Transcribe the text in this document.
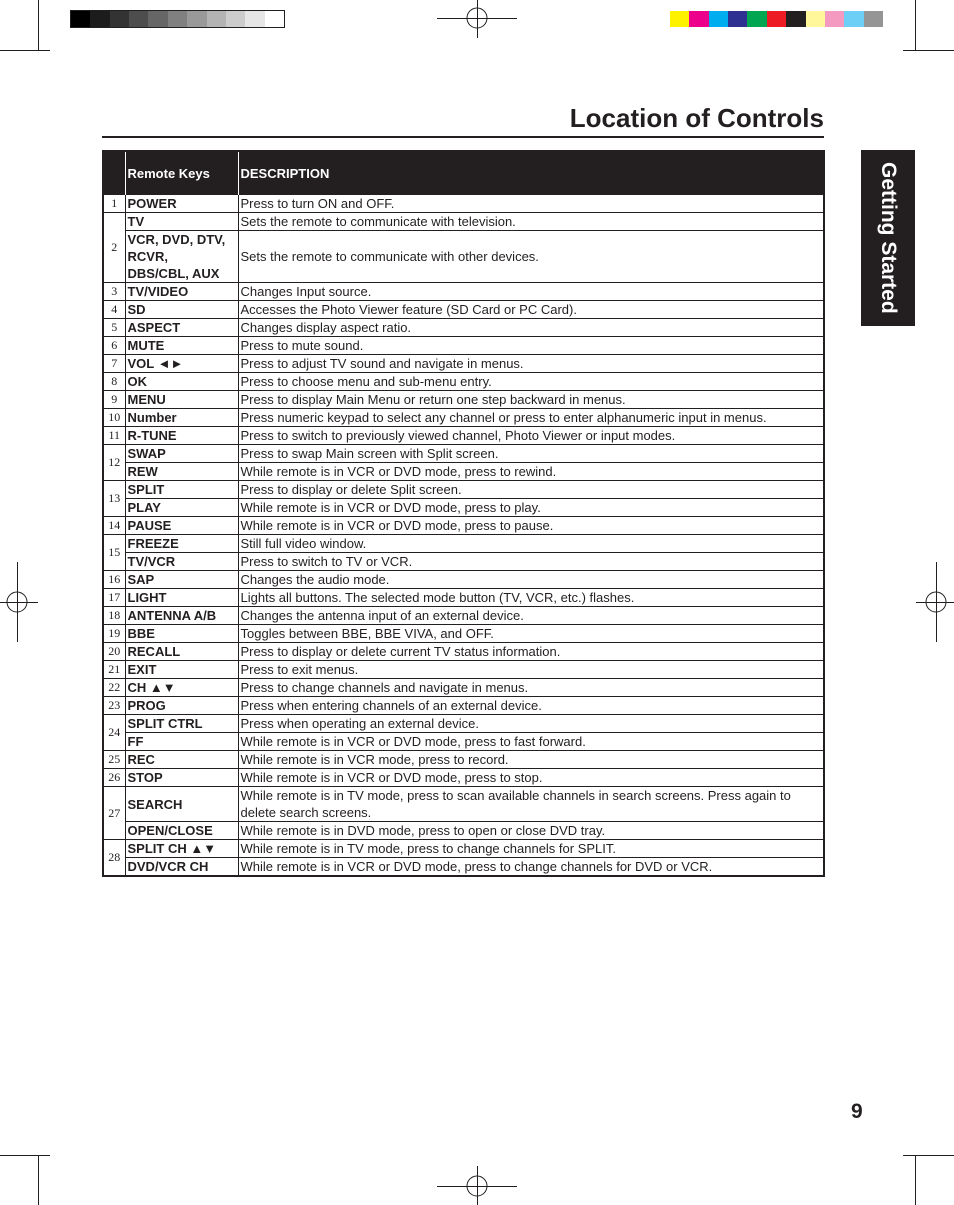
Location of Controls
Getting Started
	Remote Keys	DESCRIPTION
1	POWER	Press to turn ON and OFF.
2	TV	Sets the remote to communicate with television.
	VCR, DVD, DTV,
RCVR,
DBS/CBL, AUX	Sets the remote to communicate with other devices.
3	TV/VIDEO	Changes Input source.
4	SD	Accesses the Photo Viewer feature (SD Card or PC Card).
5	ASPECT	Changes display aspect ratio.
6	MUTE	Press to mute sound.
7	VOL ◄►	Press to adjust TV sound and navigate in menus.
8	OK	Press to choose menu and sub-menu entry.
9	MENU	Press to display Main Menu or return one step backward in menus.
10	Number	Press numeric keypad to select any channel or press to enter alphanumeric input in menus.
11	R-TUNE	Press to switch to previously viewed channel, Photo Viewer or input modes.
12	SWAP	Press to swap Main screen with Split screen.
	REW	While remote is in VCR or DVD mode, press to rewind.
13	SPLIT	Press to display or delete Split screen.
	PLAY	While remote is in VCR or DVD mode, press to play.
14	PAUSE	While remote is in VCR or DVD mode, press to pause.
15	FREEZE	Still full video window.
	TV/VCR	Press to switch to TV or VCR.
16	SAP	Changes the audio mode.
17	LIGHT	Lights all buttons. The selected mode button (TV, VCR, etc.) flashes.
18	ANTENNA A/B	Changes the antenna input of an external device.
19	BBE	Toggles between BBE, BBE VIVA, and OFF.
20	RECALL	Press to display or delete current TV status information.
21	EXIT	Press to exit menus.
22	CH ▲▼	Press to change channels and navigate in menus.
23	PROG	Press when entering channels of an external device.
24	SPLIT CTRL	Press when operating an external device.
	FF	While remote is in VCR or DVD mode, press to fast forward.
25	REC	While remote is in VCR mode, press to record.
26	STOP	While remote is in VCR or DVD mode, press to stop.
27	SEARCH	While remote is in TV mode, press to scan available channels in search screens. Press again to delete search screens.
	OPEN/CLOSE	While remote is in DVD mode, press to open or close DVD tray.
28	SPLIT CH ▲▼	While remote is in TV mode, press to change channels for SPLIT.
	DVD/VCR CH	While remote is in VCR or DVD mode, press to change channels for DVD or VCR.
9
